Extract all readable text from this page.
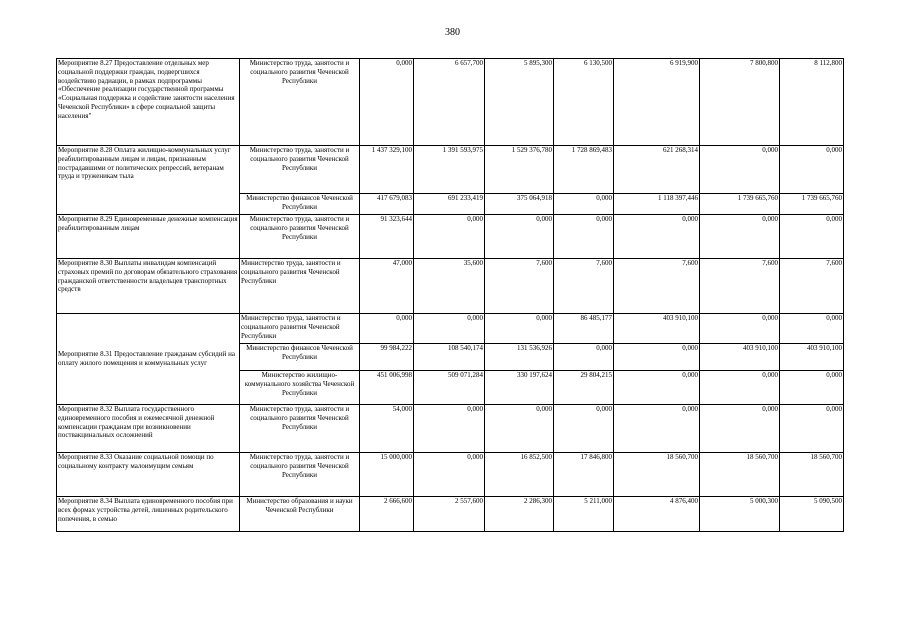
380
Мероприятие 8.27 Предоставление отдельных мер социальной поддержки граждан, подвергшихся воздействию радиации, в рамках подпрограммы «Обеспечение реализации государственной программы «Социальная поддержка и содействие занятости населения Чеченской Республики» в сфере социальной защиты населения"	Министерство труда, занятости и социального развития Чеченской Республики	0,000	6 657,700	5 895,300	6 130,500	6 919,900	7 800,800	8 112,800
Мероприятие 8.28 Оплата жилищно-коммунальных услуг реабилитированным лицам и лицам, признанным пострадавшими от политических репрессий, ветеранам труда и труженикам тыла	Министерство труда, занятости и социального развития Чеченской Республики	1 437 329,100	1 391 593,975	1 529 376,780	1 728 869,483	621 268,314	0,000	0,000
	Министерство финансов Чеченской Республики	417 679,083	691 233,419	375 064,918	0,000	1 118 397,446	1 739 665,760	1 739 665,760
Мероприятие 8.29 Единовременные денежные компенсация реабилитированным лицам	Министерство труда, занятости и социального развития Чеченской Республики	91 323,644	0,000	0,000	0,000	0,000	0,000	0,000
Мероприятие 8.30 Выплаты инвалидам компенсаций страховых премий по договорам обязательного страхования гражданской ответственности владельцев транспортных средств	Министерство труда, занятости и социального развития Чеченской Республики	47,000	35,600	7,600	7,600	7,600	7,600	7,600
Мероприятие 8.31 Предоставление гражданам субсидий на оплату жилого помещения и коммунальных услуг	Министерство труда, занятости и социального развития Чеченской Республики	0,000	0,000	0,000	86 485,177	403 910,100	0,000	0,000
	Министерство финансов Чеченской Республики	99 984,222	108 540,174	131 536,926	0,000	0,000	403 910,100	403 910,100
	Министерство жилищно-коммунального хозяйства Чеченской Республики	451 006,998	509 071,284	330 197,624	29 804,215	0,000	0,000	0,000
Мероприятие 8.32 Выплата государственного единовременного пособия и ежемесячной денежной компенсации гражданам при возникновении поствакцинальных осложнений	Министерство труда, занятости и социального развития Чеченской Республики	54,000	0,000	0,000	0,000	0,000	0,000	0,000
Мероприятие 8.33 Оказание социальной помощи по социальному контракту малоимущим семьям	Министерство труда, занятости и социального развития Чеченской Республики	15 000,000	0,000	16 852,500	17 846,800	18 560,700	18 560,700	18 560,700
Мероприятие 8.34 Выплата единовременного пособия при всех формах устройства детей, лишенных родительского попечения, в семью	Министерство образования и науки Чеченской Республики	2 666,600	2 557,600	2 286,300	5 211,000	4 876,400	5 000,300	5 090,500
